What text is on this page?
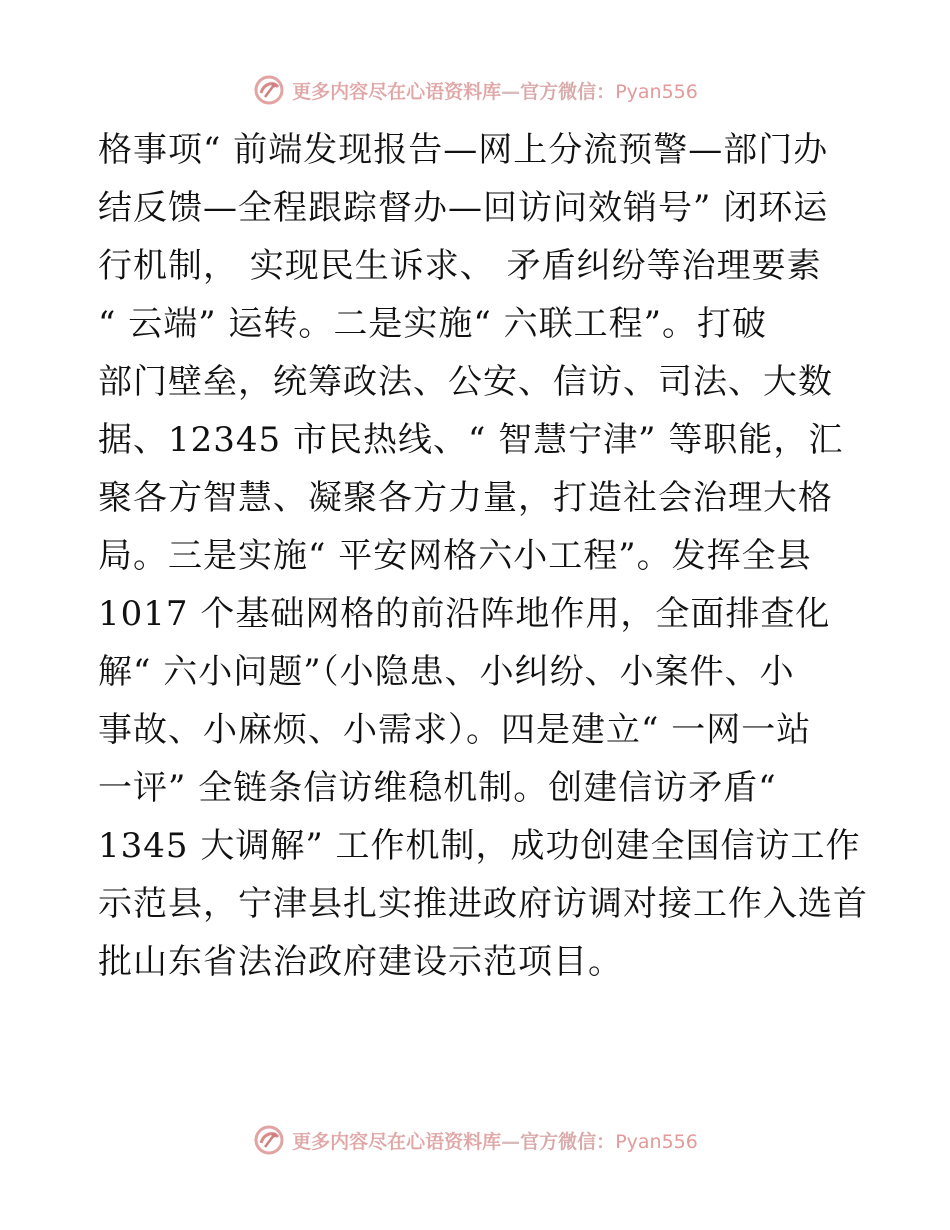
更多内容尽在心语资料库—官方微信：Pyan556
格事项“ 前端发现报告—网上分流预警—部门办
结反馈—全程跟踪督办—回访问效销号” 闭环运
行机制， 实现民生诉求、 矛盾纠纷等治理要素
“ 云端” 运转。二是实施“ 六联工程”。打破
部门壁垒，统筹政法、公安、信访、司法、大数
据、12345 市民热线、“ 智慧宁津” 等职能，汇
聚各方智慧、凝聚各方力量，打造社会治理大格
局。三是实施“ 平安网格六小工程”。发挥全县
1017 个基础网格的前沿阵地作用，全面排查化
解“ 六小问题”（小隐患、小纠纷、小案件、小
事故、小麻烦、小需求）。四是建立“ 一网一站
一评” 全链条信访维稳机制。创建信访矛盾“
1345 大调解” 工作机制，成功创建全国信访工作
示范县，宁津县扎实推进政府访调对接工作入选首
批山东省法治政府建设示范项目。
更多内容尽在心语资料库—官方微信：Pyan556
